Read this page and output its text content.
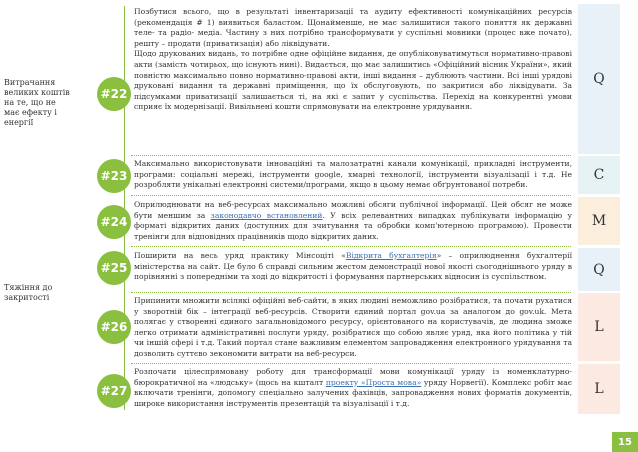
Витрачання великих коштів на те, що не має ефекту і енергії
Тяжіння до закритості
#22

Позбутися всього, що в результаті інвентаризації та аудиту ефективності комунікаційних ресурсів (рекомендація # 1) виявиться баластом. Щонайменше, не має залишитися такого поняття як державні теле- та радіо- медіа. Частину з них потрібно трансформувати у суспільні мовники (процес вже почато), решту – продати (приватизація) або ліквідувати.

Щодо друкованих видань, то потрібне одне офіційне видання, де опубліковуватимуться нормативно-правові акти (замість чотирьох, що існують нині). Видається, що має залишитись «Офіційний вісник України», який повністю максимально повно нормативно-правові акти, інші видання – дублюють частини. Всі інші урядові друковані видання та державні приміщення, що їх обслуговують, по закритися або ліквідувати. За підсумками приватизації залишається ті, на які є запит у суспільства. Перехід на конкурентні умови сприяє їх модернізації. Вивільнені кошти спрямовувати на електронне урядування.

Q
#23

Максимально використовувати інноваційні та малозатратні канали комунікації, прикладні інструменти, програми: соціальні мережі, інструменти google, хмарні технології, інструменти візуалізації і т.д. Не розробляти унікальні електронні системи/програми, якщо в цьому немає обґрунтованої потреби.

C
#24

Оприлюднювати на веб-ресурсах максимально можливі обсяги публічної інформації. Цей обсяг не може бути меншим за законодавчо встановлений. У всіх релевантних випадках публікувати інформацію у форматі відкритих даних (доступних для зчитування та обробки комп'ютерною програмою). Провести тренінги для відповідних працівників щодо відкритих даних.

M
#25

Поширити на весь уряд практику Мінсоціті «Відкрита бухгалтерія» – оприлюднення бухгалтерії міністерства на сайт. Це було б справді сильним жестом демонстрації нової якості сьогоднішнього уряду в порівнянні з попередніми та ході до відкритості і формування партнерських відносин із суспільством.	Q
#26

Припинити множити всілякі офіційні веб-сайти, в яких людині неможливо розібратися, та почати рухатися у зворотній бік – інтеграції веб-ресурсів. Створити єдиний портал gov.ua за аналогом до gov.uk. Мета полягає у створенні єдиного загальновідомого ресурсу, орієнтованого на користувачів, де людина зможе легко отримати адміністративні послуги уряду, розібратися що собою являє уряд, яка його політика у тій чи іншій сфері і т.д. Такий портал стане важливим елементом запровадження електронного урядування та дозволить суттєво зекономити витрати на веб-ресурси.

L
#27

Розпочати цілеспрямовану роботу для трансформації мови комунікації уряду із номенклатурно-бюрократичної на «людську» (щось на кшталт проекту «Проста мова» уряду Норвегії). Комплекс робіт має включати тренінги, допомогу спеціально залучених фахівців, запровадження нових форматів документів, широке використання інструментів презентацій та візуалізації і т.д.

L
15
